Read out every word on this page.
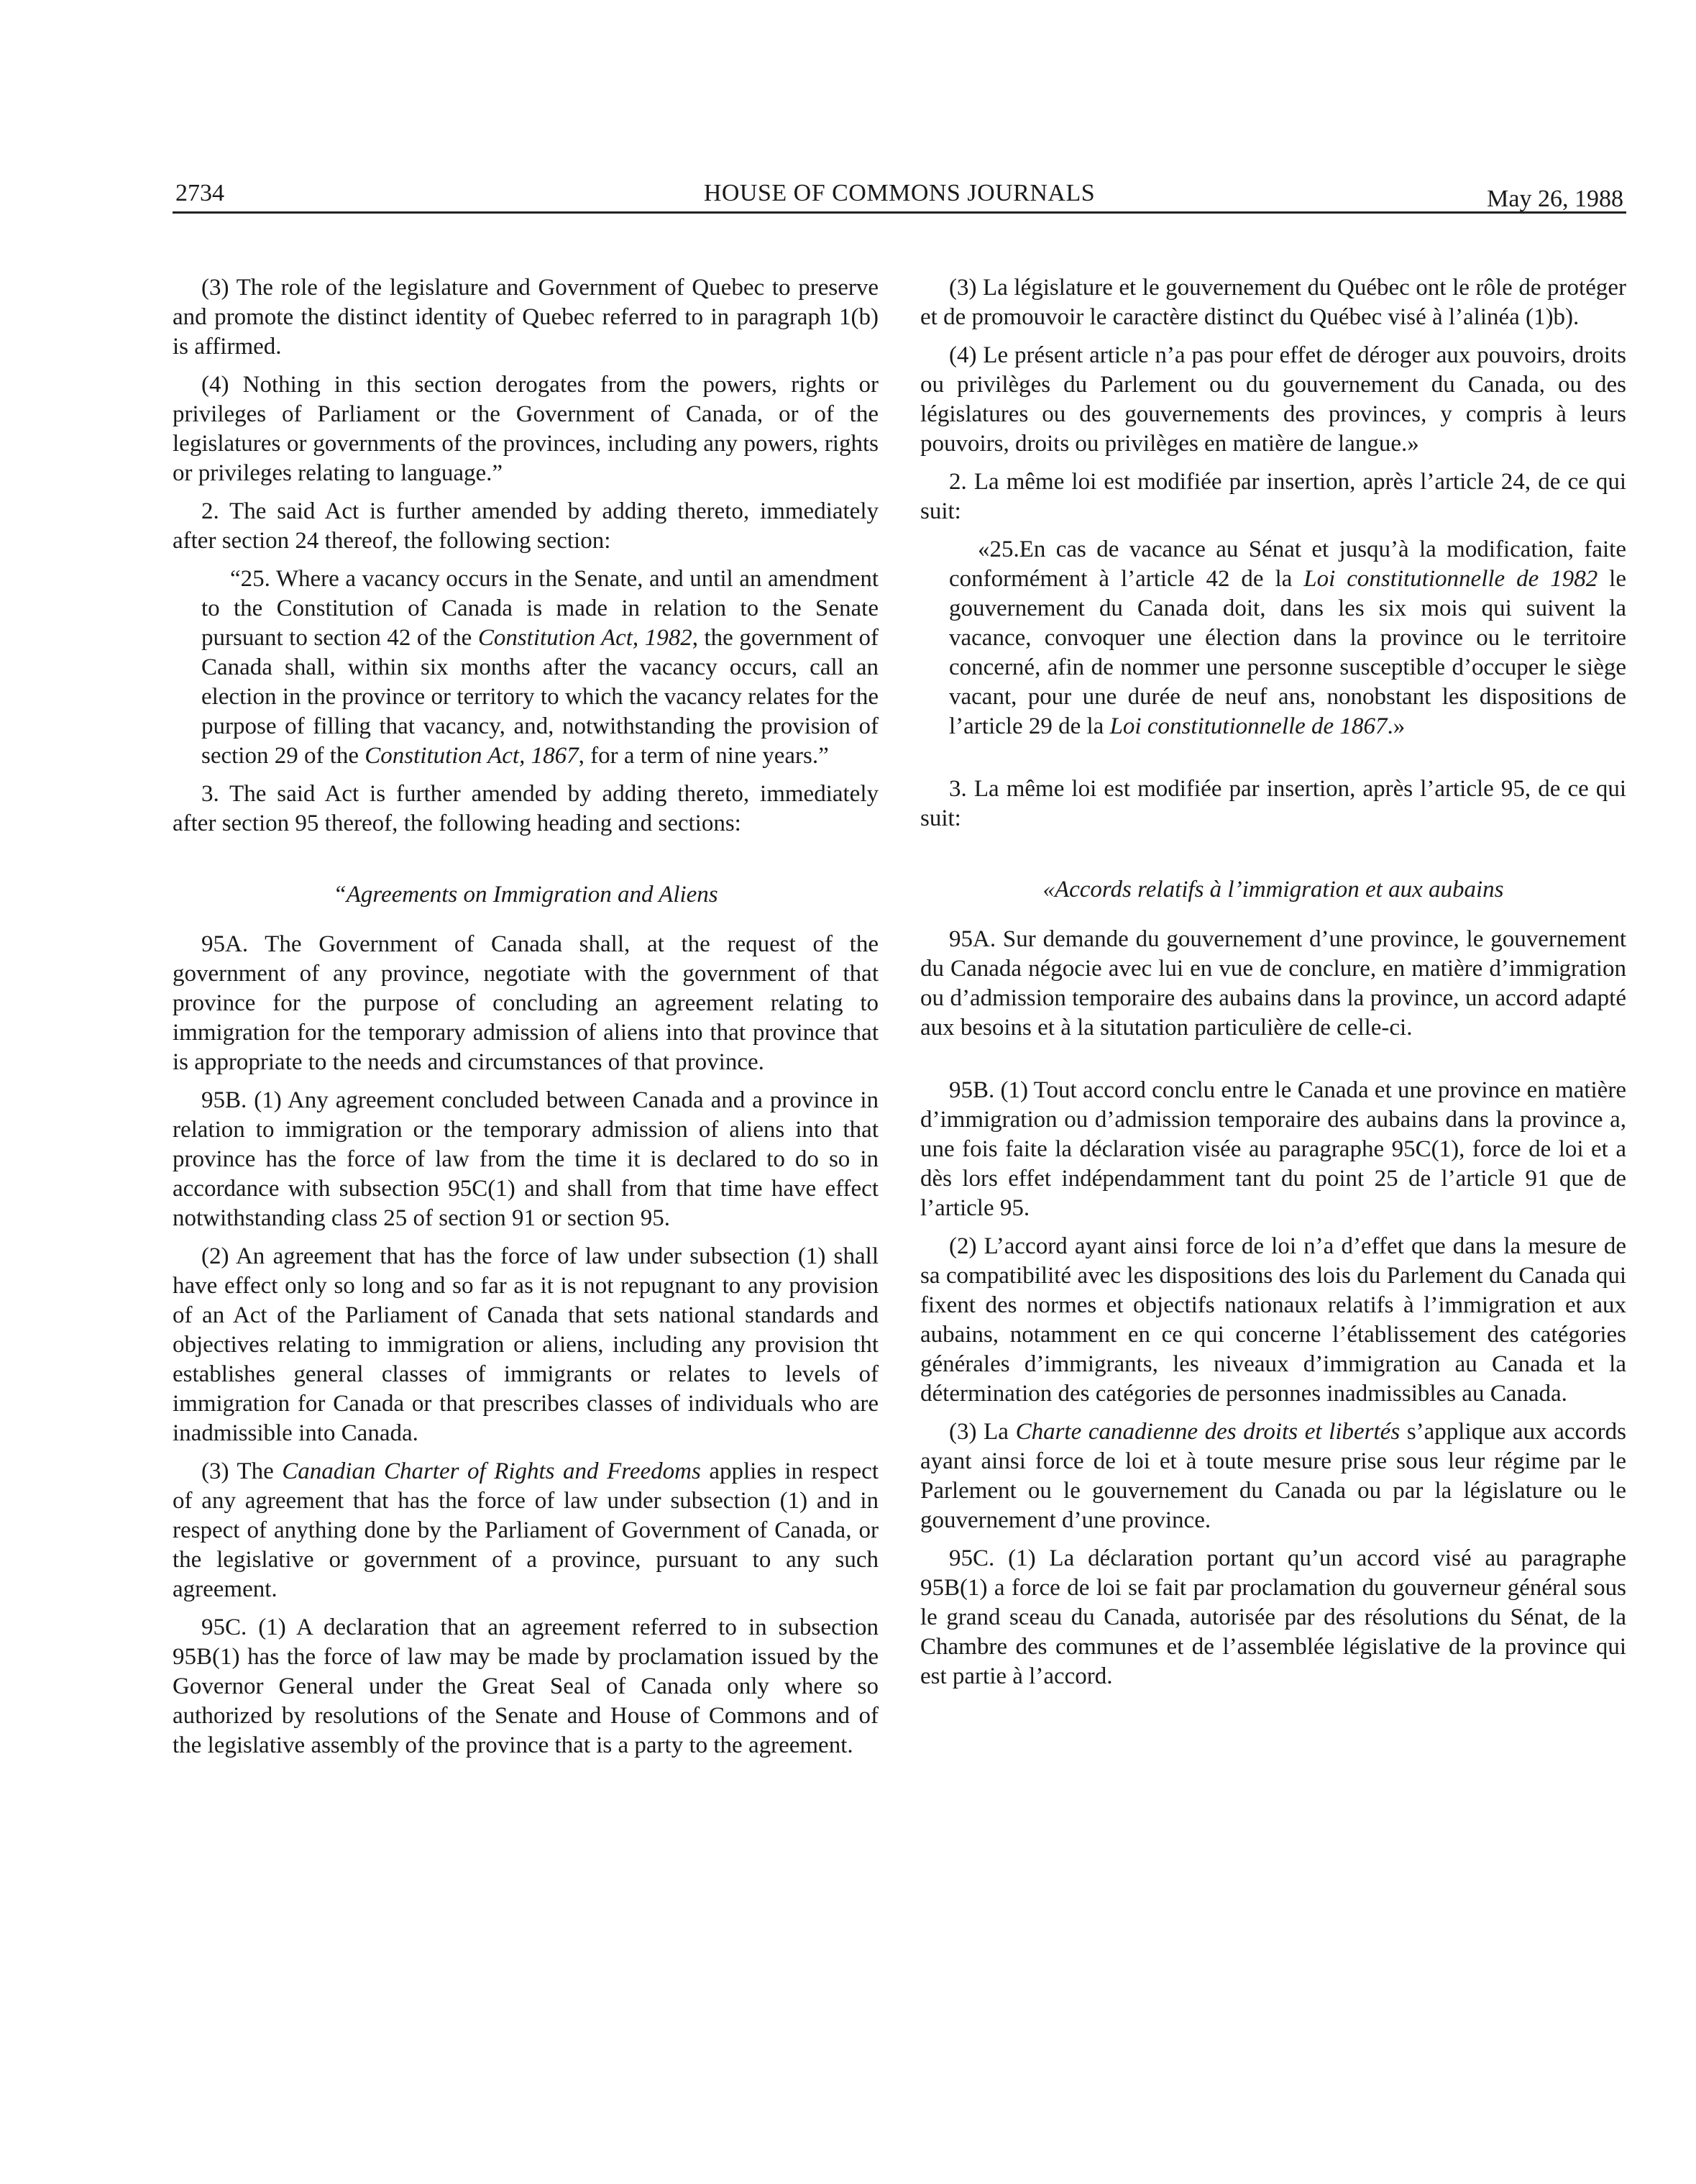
2734	HOUSE OF COMMONS JOURNALS	May 26, 1988

(3) The role of the legislature and Government of Quebec to preserve and promote the distinct identity of Quebec referred to in paragraph 1(b) is affirmed.

(4) Nothing in this section derogates from the powers, rights or privileges of Parliament or the Government of Canada, or of the legislatures or governments of the provinces, including any powers, rights or privileges relating to language.”

2. The said Act is further amended by adding thereto, immediately after section 24 thereof, the following section:

“25. Where a vacancy occurs in the Senate, and until an amendment to the Constitution of Canada is made in relation to the Senate pursuant to section 42 of the Constitution Act, 1982, the government of Canada shall, within six months after the vacancy occurs, call an election in the province or territory to which the vacancy relates for the purpose of filling that vacancy, and, notwithstanding the provision of section 29 of the Constitution Act, 1867, for a term of nine years.”

3. The said Act is further amended by adding thereto, immediately after section 95 thereof, the following heading and sections:

“Agreements on Immigration and Aliens

95A. The Government of Canada shall, at the request of the government of any province, negotiate with the government of that province for the purpose of concluding an agreement relating to immigration for the temporary admission of aliens into that province that is appropriate to the needs and circumstances of that province.

95B. (1) Any agreement concluded between Canada and a province in relation to immigration or the temporary admission of aliens into that province has the force of law from the time it is declared to do so in accordance with subsection 95C(1) and shall from that time have effect notwithstanding class 25 of section 91 or section 95.

(2) An agreement that has the force of law under subsection (1) shall have effect only so long and so far as it is not repugnant to any provision of an Act of the Parliament of Canada that sets national standards and objectives relating to immigration or aliens, including any provision tht establishes general classes of immigrants or relates to levels of immigration for Canada or that prescribes classes of individuals who are inadmissible into Canada.

(3) The Canadian Charter of Rights and Freedoms applies in respect of any agreement that has the force of law under subsection (1) and in respect of anything done by the Parliament of Government of Canada, or the legislative or government of a province, pursuant to any such agreement.

95C. (1) A declaration that an agreement referred to in subsection 95B(1) has the force of law may be made by proclamation issued by the Governor General under the Great Seal of Canada only where so authorized by resolutions of the Senate and House of Commons and of the legislative assembly of the province that is a party to the agreement.

(3) La législature et le gouvernement du Québec ont le rôle de protéger et de promouvoir le caractère distinct du Québec visé à l’alinéa (1)b).

(4) Le présent article n’a pas pour effet de déroger aux pouvoirs, droits ou privilèges du Parlement ou du gouvernement du Canada, ou des législatures ou des gouvernements des provinces, y compris à leurs pouvoirs, droits ou privilèges en matière de langue.»

2. La même loi est modifiée par insertion, après l’article 24, de ce qui suit:

«25.En cas de vacance au Sénat et jusqu’à la modification, faite conformément à l’article 42 de la Loi constitutionnelle de 1982 le gouvernement du Canada doit, dans les six mois qui suivent la vacance, convoquer une élection dans la province ou le territoire concerné, afin de nommer une personne susceptible d’occuper le siège vacant, pour une durée de neuf ans, nonobstant les dispositions de l’article 29 de la Loi constitutionnelle de 1867.»

3. La même loi est modifiée par insertion, après l’article 95, de ce qui suit:

«Accords relatifs à l’immigration et aux aubains

95A. Sur demande du gouvernement d’une province, le gouvernement du Canada négocie avec lui en vue de conclure, en matière d’immigration ou d’admission temporaire des aubains dans la province, un accord adapté aux besoins et à la situtation particulière de celle-ci.

95B. (1) Tout accord conclu entre le Canada et une province en matière d’immigration ou d’admission temporaire des aubains dans la province a, une fois faite la déclaration visée au paragraphe 95C(1), force de loi et a dès lors effet indépendamment tant du point 25 de l’article 91 que de l’article 95.

(2) L’accord ayant ainsi force de loi n’a d’effet que dans la mesure de sa compatibilité avec les dispositions des lois du Parlement du Canada qui fixent des normes et objectifs nationaux relatifs à l’immigration et aux aubains, notamment en ce qui concerne l’établissement des catégories générales d’immigrants, les niveaux d’immigration au Canada et la détermination des catégories de personnes inadmissibles au Canada.

(3) La Charte canadienne des droits et libertés s’applique aux accords ayant ainsi force de loi et à toute mesure prise sous leur régime par le Parlement ou le gouvernement du Canada ou par la législature ou le gouvernement d’une province.

95C. (1) La déclaration portant qu’un accord visé au paragraphe 95B(1) a force de loi se fait par proclamation du gouverneur général sous le grand sceau du Canada, autorisée par des résolutions du Sénat, de la Chambre des communes et de l’assemblée législative de la province qui est partie à l’accord.
